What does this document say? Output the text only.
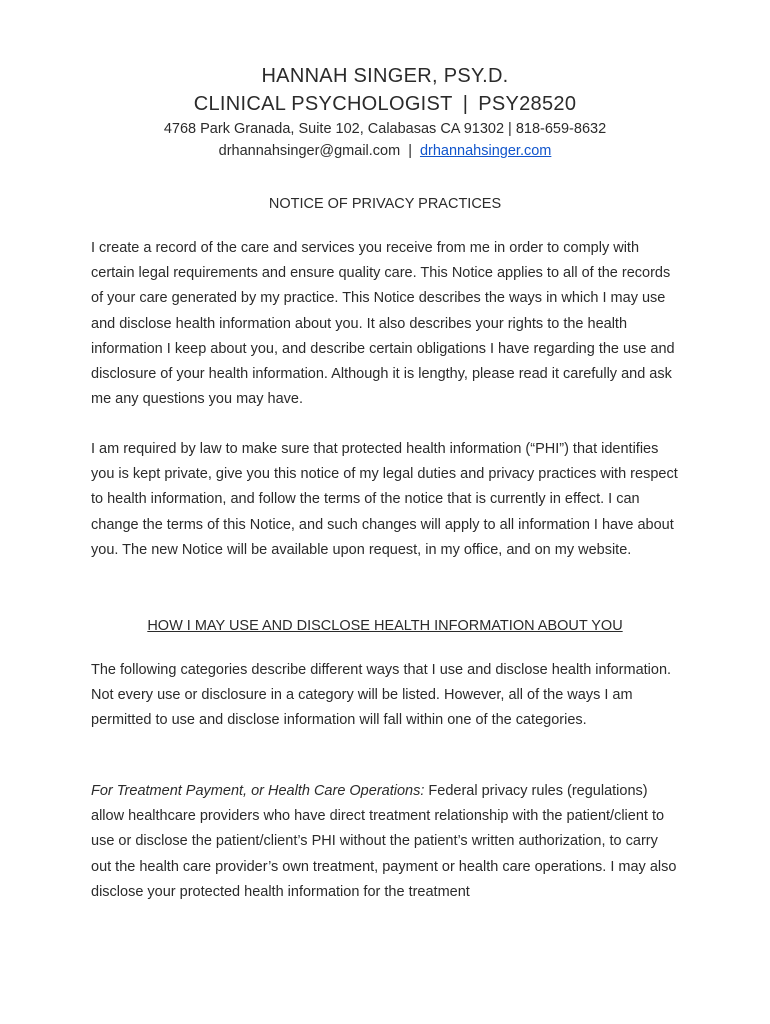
HANNAH SINGER, PSY.D.
CLINICAL PSYCHOLOGIST | PSY28520
4768 Park Granada, Suite 102, Calabasas CA 91302 | 818-659-8632
drhannahsinger@gmail.com | drhannahsinger.com
NOTICE OF PRIVACY PRACTICES

I create a record of the care and services you receive from me in order to comply with certain legal requirements and ensure quality care. This Notice applies to all of the records of your care generated by my practice. This Notice describes the ways in which I may use and disclose health information about you. It also describes your rights to the health information I keep about you, and describe certain obligations I have regarding the use and disclosure of your health information. Although it is lengthy, please read it carefully and ask me any questions you may have.

I am required by law to make sure that protected health information (“PHI”) that identifies you is kept private, give you this notice of my legal duties and privacy practices with respect to health information, and follow the terms of the notice that is currently in effect. I can change the terms of this Notice, and such changes will apply to all information I have about you. The new Notice will be available upon request, in my office, and on my website.

HOW I MAY USE AND DISCLOSE HEALTH INFORMATION ABOUT YOU

The following categories describe different ways that I use and disclose health information. Not every use or disclosure in a category will be listed. However, all of the ways I am permitted to use and disclose information will fall within one of the categories.

For Treatment Payment, or Health Care Operations: Federal privacy rules (regulations) allow healthcare providers who have direct treatment relationship with the patient/client to use or disclose the patient/client’s PHI without the patient’s written authorization, to carry out the health care provider’s own treatment, payment or health care operations. I may also disclose your protected health information for the treatment
